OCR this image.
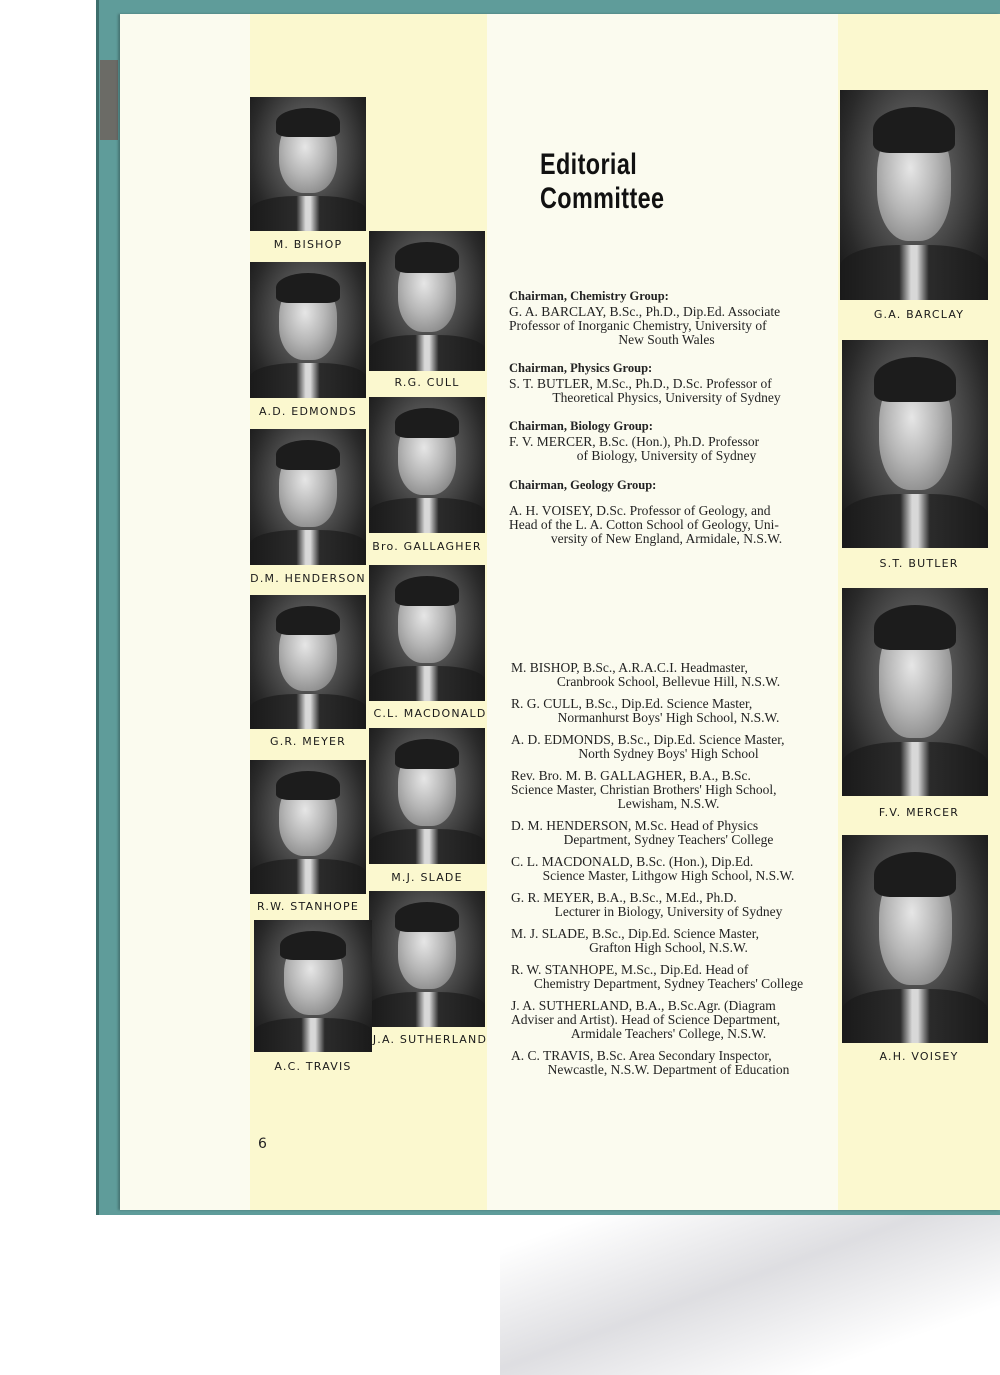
M. BISHOP
R.G. CULL
A.D. EDMONDS
Bro. GALLAGHER
D.M. HENDERSON
C.L. MACDONALD
G.R. MEYER
M.J. SLADE
R.W. STANHOPE
J.A. SUTHERLAND
A.C. TRAVIS
G.A. BARCLAY
S.T. BUTLER
F.V. MERCER
A.H. VOISEY
Editorial Committee
Chairman, Chemistry Group:
G. A. BARCLAY, B.Sc., Ph.D., Dip.Ed. Associate
Professor of Inorganic Chemistry, University of
New South Wales
Chairman, Physics Group:
S. T. BUTLER, M.Sc., Ph.D., D.Sc. Professor of
Theoretical Physics, University of Sydney
Chairman, Biology Group:
F. V. MERCER, B.Sc. (Hon.), Ph.D. Professor
of Biology, University of Sydney
Chairman, Geology Group:
A. H. VOISEY, D.Sc. Professor of Geology, and
Head of the L. A. Cotton School of Geology, Uni-
versity of New England, Armidale, N.S.W.
M. BISHOP, B.Sc., A.R.A.C.I. Headmaster,
Cranbrook School, Bellevue Hill, N.S.W.
R. G. CULL, B.Sc., Dip.Ed. Science Master,
Normanhurst Boys' High School, N.S.W.
A. D. EDMONDS, B.Sc., Dip.Ed. Science Master,
North Sydney Boys' High School
Rev. Bro. M. B. GALLAGHER, B.A., B.Sc.
Science Master, Christian Brothers' High School,
Lewisham, N.S.W.
D. M. HENDERSON, M.Sc. Head of Physics
Department, Sydney Teachers' College
C. L. MACDONALD, B.Sc. (Hon.), Dip.Ed.
Science Master, Lithgow High School, N.S.W.
G. R. MEYER, B.A., B.Sc., M.Ed., Ph.D.
Lecturer in Biology, University of Sydney
M. J. SLADE, B.Sc., Dip.Ed. Science Master,
Grafton High School, N.S.W.
R. W. STANHOPE, M.Sc., Dip.Ed. Head of
Chemistry Department, Sydney Teachers' College
J. A. SUTHERLAND, B.A., B.Sc.Agr. (Diagram
Adviser and Artist). Head of Science Department,
Armidale Teachers' College, N.S.W.
A. C. TRAVIS, B.Sc. Area Secondary Inspector,
Newcastle, N.S.W. Department of Education
6
